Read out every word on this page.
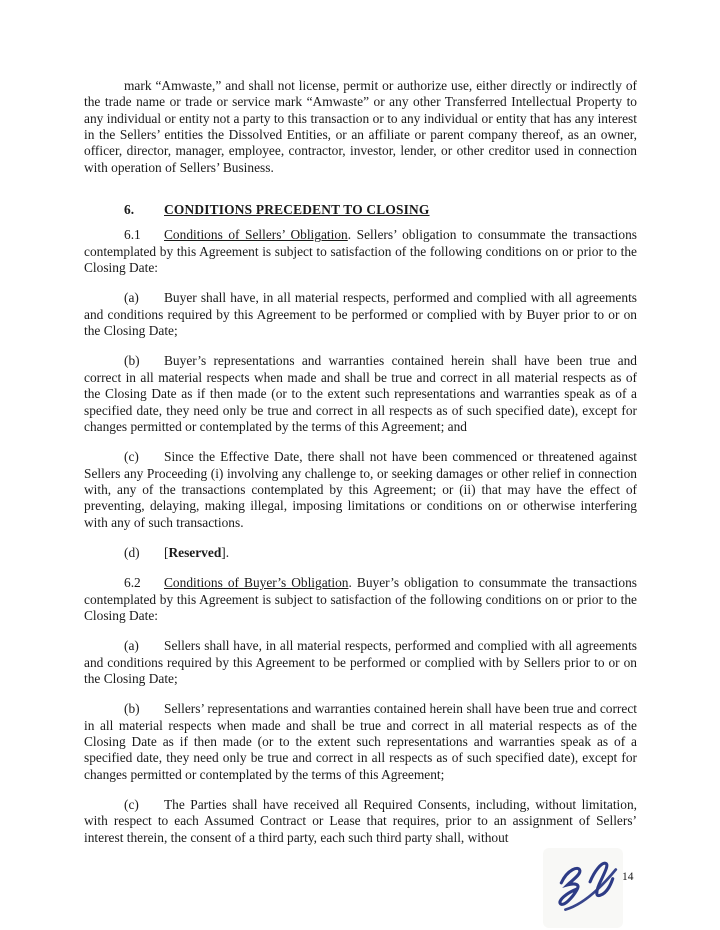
mark “Amwaste,” and shall not license, permit or authorize use, either directly or indirectly of the trade name or trade or service mark “Amwaste” or any other Transferred Intellectual Property to any individual or entity not a party to this transaction or to any individual or entity that has any interest in the Sellers’ entities the Dissolved Entities, or an affiliate or parent company thereof, as an owner, officer, director, manager, employee, contractor, investor, lender, or other creditor used in connection with operation of Sellers’ Business.

6. CONDITIONS PRECEDENT TO CLOSING

6.1 Conditions of Sellers’ Obligation. Sellers’ obligation to consummate the transactions contemplated by this Agreement is subject to satisfaction of the following conditions on or prior to the Closing Date:

(a) Buyer shall have, in all material respects, performed and complied with all agreements and conditions required by this Agreement to be performed or complied with by Buyer prior to or on the Closing Date;

(b) Buyer’s representations and warranties contained herein shall have been true and correct in all material respects when made and shall be true and correct in all material respects as of the Closing Date as if then made (or to the extent such representations and warranties speak as of a specified date, they need only be true and correct in all respects as of such specified date), except for changes permitted or contemplated by the terms of this Agreement; and

(c) Since the Effective Date, there shall not have been commenced or threatened against Sellers any Proceeding (i) involving any challenge to, or seeking damages or other relief in connection with, any of the transactions contemplated by this Agreement; or (ii) that may have the effect of preventing, delaying, making illegal, imposing limitations or conditions on or otherwise interfering with any of such transactions.

(d) [Reserved].

6.2 Conditions of Buyer’s Obligation. Buyer’s obligation to consummate the transactions contemplated by this Agreement is subject to satisfaction of the following conditions on or prior to the Closing Date:

(a) Sellers shall have, in all material respects, performed and complied with all agreements and conditions required by this Agreement to be performed or complied with by Sellers prior to or on the Closing Date;

(b) Sellers’ representations and warranties contained herein shall have been true and correct in all material respects when made and shall be true and correct in all material respects as of the Closing Date as if then made (or to the extent such representations and warranties speak as of a specified date, they need only be true and correct in all respects as of such specified date), except for changes permitted or contemplated by the terms of this Agreement;

(c) The Parties shall have received all Required Consents, including, without limitation, with respect to each Assumed Contract or Lease that requires, prior to an assignment of Sellers’ interest therein, the consent of a third party, each such third party shall, without

14
